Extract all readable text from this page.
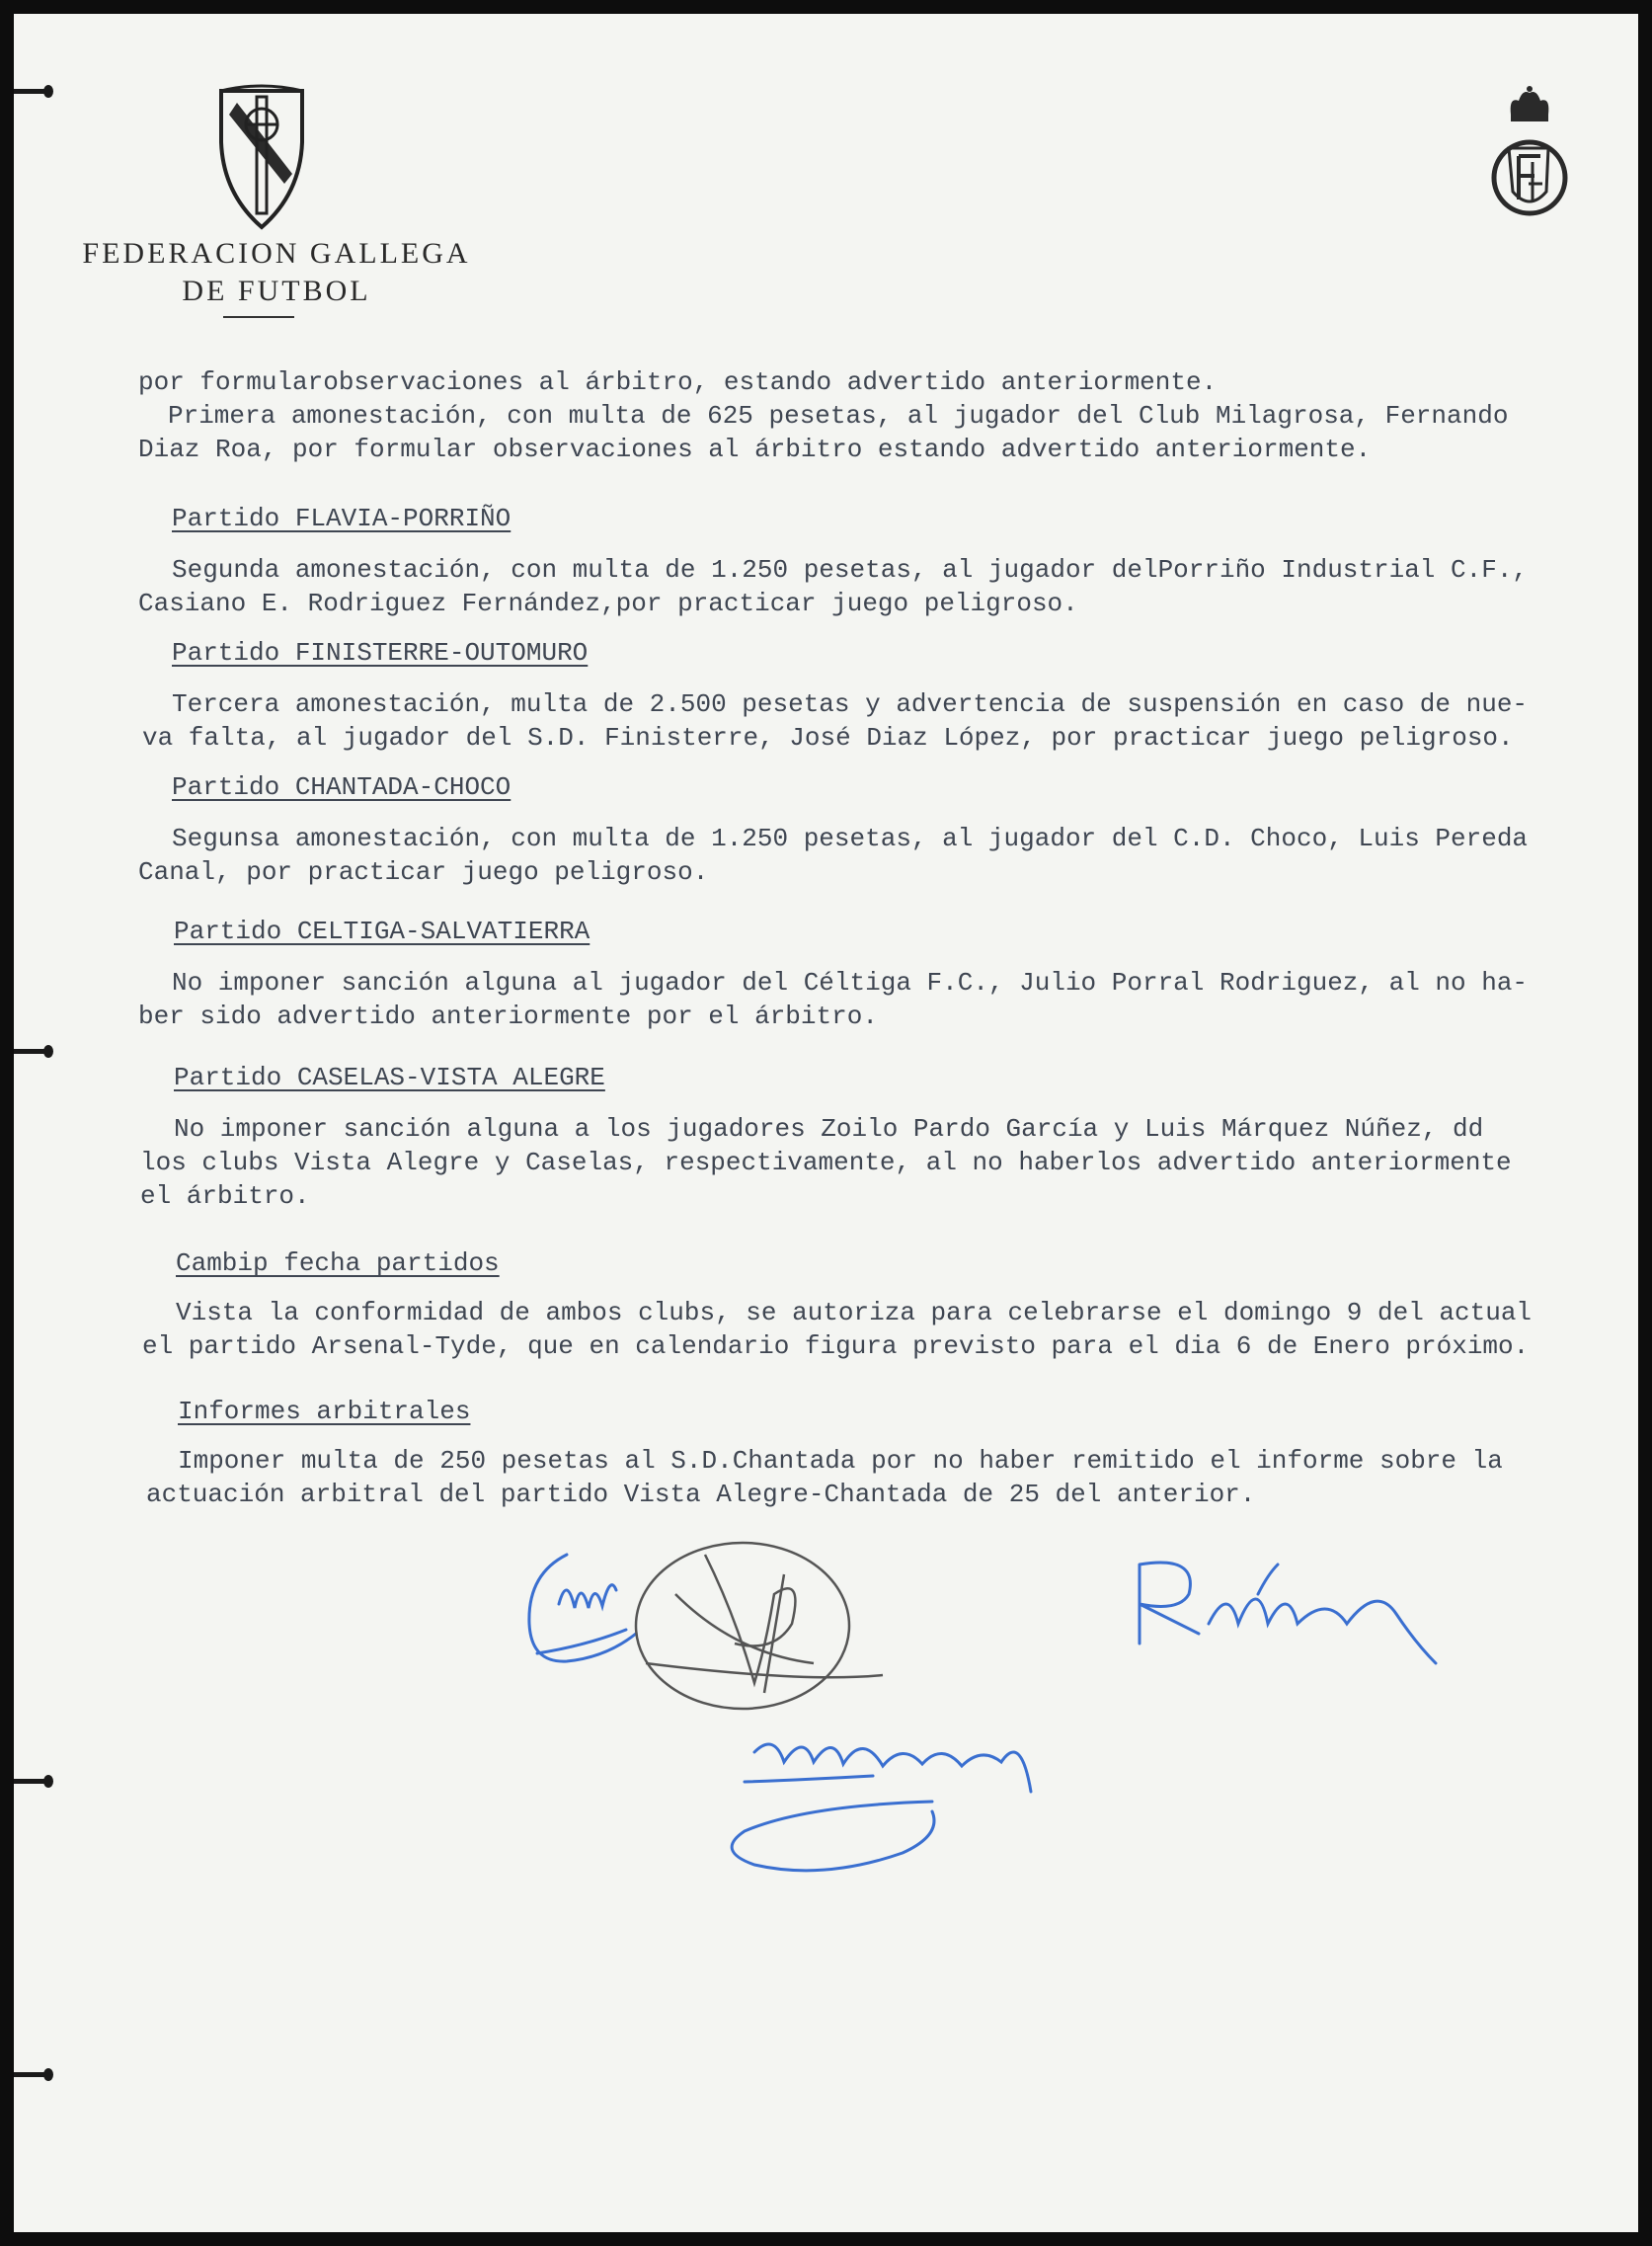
FEDERACION GALLEGA
DE FUTBOL

por formularobservaciones al árbitro, estando advertido anteriormente.

Primera amonestación, con multa de 625 pesetas, al jugador del Club Milagrosa, Fernando

Diaz Roa, por formular observaciones al árbitro estando advertido anteriormente.

Partido FLAVIA-PORRIÑO

Segunda amonestación, con multa de 1.250 pesetas, al jugador delPorriño Industrial C.F.,

Casiano E. Rodriguez Fernández,por practicar juego peligroso.

Partido FINISTERRE-OUTOMURO

Tercera amonestación, multa de 2.500 pesetas y advertencia de suspensión en caso de nue-

va falta, al jugador del S.D. Finisterre, José Diaz López, por practicar juego peligroso.

Partido CHANTADA-CHOCO

Segunsa amonestación, con multa de 1.250 pesetas, al jugador del C.D. Choco, Luis Pereda

Canal, por practicar juego peligroso.

Partido CELTIGA-SALVATIERRA

No imponer sanción alguna al jugador del Céltiga F.C., Julio Porral Rodriguez, al no ha-

ber sido advertido anteriormente por el árbitro.

Partido CASELAS-VISTA ALEGRE

No imponer sanción alguna a los jugadores Zoilo Pardo García y Luis Márquez Núñez, dd

los clubs Vista Alegre y Caselas, respectivamente, al no haberlos advertido anteriormente

el árbitro.

Cambip fecha partidos

Vista la conformidad de ambos clubs, se autoriza para celebrarse el domingo 9 del actual

el partido Arsenal-Tyde, que en calendario figura previsto para el dia 6 de Enero próximo.

Informes arbitrales

Imponer multa de 250 pesetas al S.D.Chantada por no haber remitido el informe sobre la

actuación arbitral del partido Vista Alegre-Chantada de 25 del anterior.
